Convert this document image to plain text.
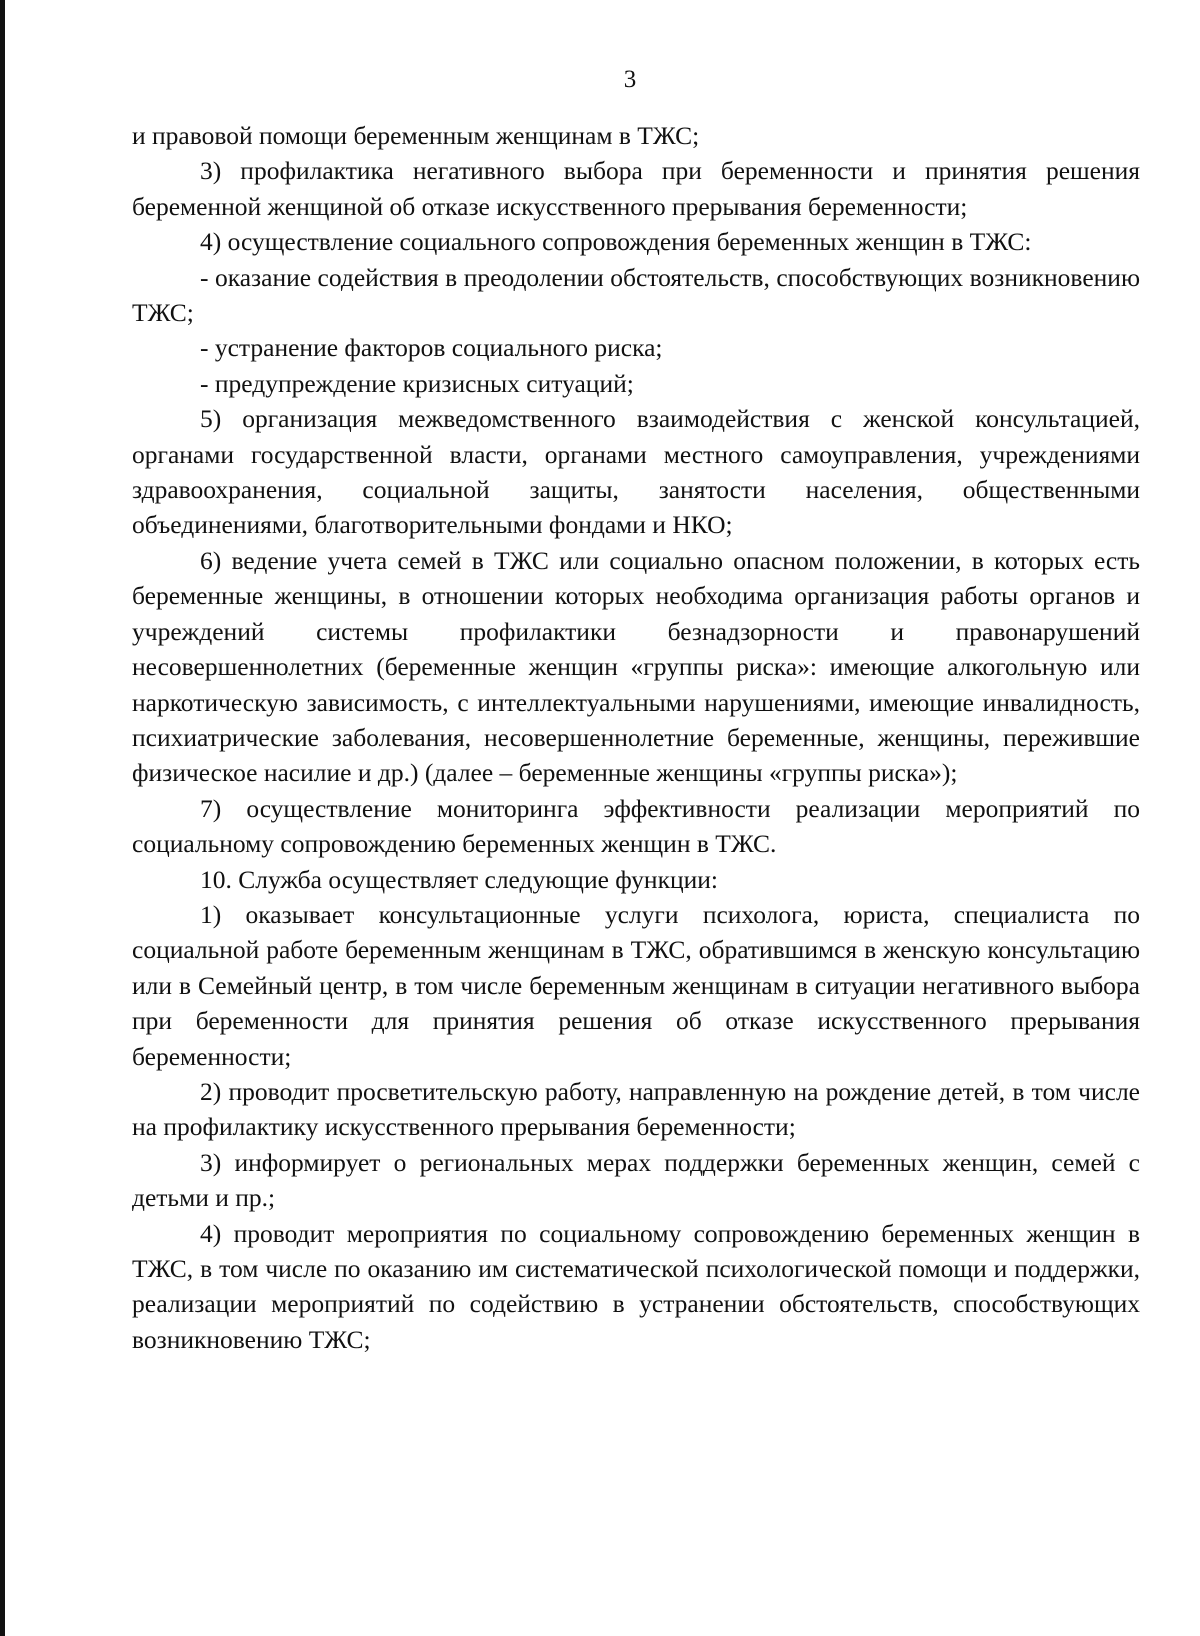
3

и правовой помощи беременным женщинам в ТЖС;

3) профилактика негативного выбора при беременности и принятия решения беременной женщиной об отказе искусственного прерывания беременности;

4) осуществление социального сопровождения беременных женщин в ТЖС:

- оказание содействия в преодолении обстоятельств, способствующих возникновению ТЖС;

- устранение факторов социального риска;

- предупреждение кризисных ситуаций;

5) организация межведомственного взаимодействия с женской консультацией, органами государственной власти, органами местного самоуправления, учреждениями здравоохранения, социальной защиты, занятости населения, общественными объединениями, благотворительными фондами и НКО;

6) ведение учета семей в ТЖС или социально опасном положении, в которых есть беременные женщины, в отношении которых необходима организация работы органов и учреждений системы профилактики безнадзорности и правонарушений несовершеннолетних (беременные женщин «группы риска»: имеющие алкогольную или наркотическую зависимость, с интеллектуальными нарушениями, имеющие инвалидность, психиатрические заболевания, несовершеннолетние беременные, женщины, пережившие физическое насилие и др.) (далее – беременные женщины «группы риска»);

7) осуществление мониторинга эффективности реализации мероприятий по социальному сопровождению беременных женщин в ТЖС.

10. Служба осуществляет следующие функции:

1) оказывает консультационные услуги психолога, юриста, специалиста по социальной работе беременным женщинам в ТЖС, обратившимся в женскую консультацию или в Семейный центр, в том числе беременным женщинам в ситуации негативного выбора при беременности для принятия решения об отказе искусственного прерывания беременности;

2) проводит просветительскую работу, направленную на рождение детей, в том числе на профилактику искусственного прерывания беременности;

3) информирует о региональных мерах поддержки беременных женщин, семей с детьми и пр.;

4) проводит мероприятия по социальному сопровождению беременных женщин в ТЖС, в том числе по оказанию им систематической психологической помощи и поддержки, реализации мероприятий по содействию в устранении обстоятельств, способствующих возникновению ТЖС;
